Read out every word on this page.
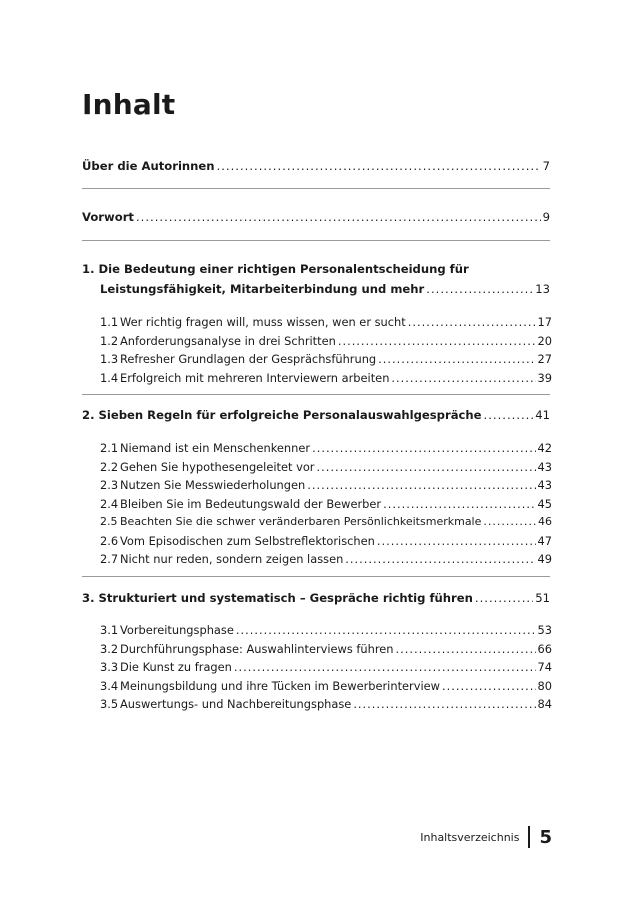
Inhalt
Über die Autorinnen .....	7
Vorwort .....	9
1.
Die Bedeutung einer richtigen Personalentscheidung für
Leistungsfähigkeit, Mitarbeiterbindung und mehr .....	13
1.1 Wer richtig fragen will, muss wissen, wen er sucht .....	17
1.2 Anforderungsanalyse in drei Schritten .....	20
1.3 Refresher Grundlagen der Gesprächsführung .....	27
1.4 Erfolgreich mit mehreren Interviewern arbeiten .....	39
2.
Sieben Regeln für erfolgreiche Personalauswahlgespräche .....	41
2.1 Niemand ist ein Menschenkenner .....	42
2.2 Gehen Sie hypothesengeleitet vor .....	43
2.3 Nutzen Sie Messwiederholungen .....	43
2.4 Bleiben Sie im Bedeutungswald der Bewerber .....	45
2.5 Beachten Sie die schwer veränderbaren Persönlichkeitsmerkmale .....	46
2.6 Vom Episodischen zum Selbstreflektorischen .....	47
2.7 Nicht nur reden, sondern zeigen lassen .....	49
3.
Strukturiert und systematisch – Gespräche richtig führen .....	51
3.1 Vorbereitungsphase .....	53
3.2 Durchführungsphase: Auswahlinterviews führen .....	66
3.3 Die Kunst zu fragen .....	74
3.4 Meinungsbildung und ihre Tücken im Bewerberinterview .....	80
3.5 Auswertungs- und Nachbereitungsphase .....	84
Inhaltsverzeichnis 5
